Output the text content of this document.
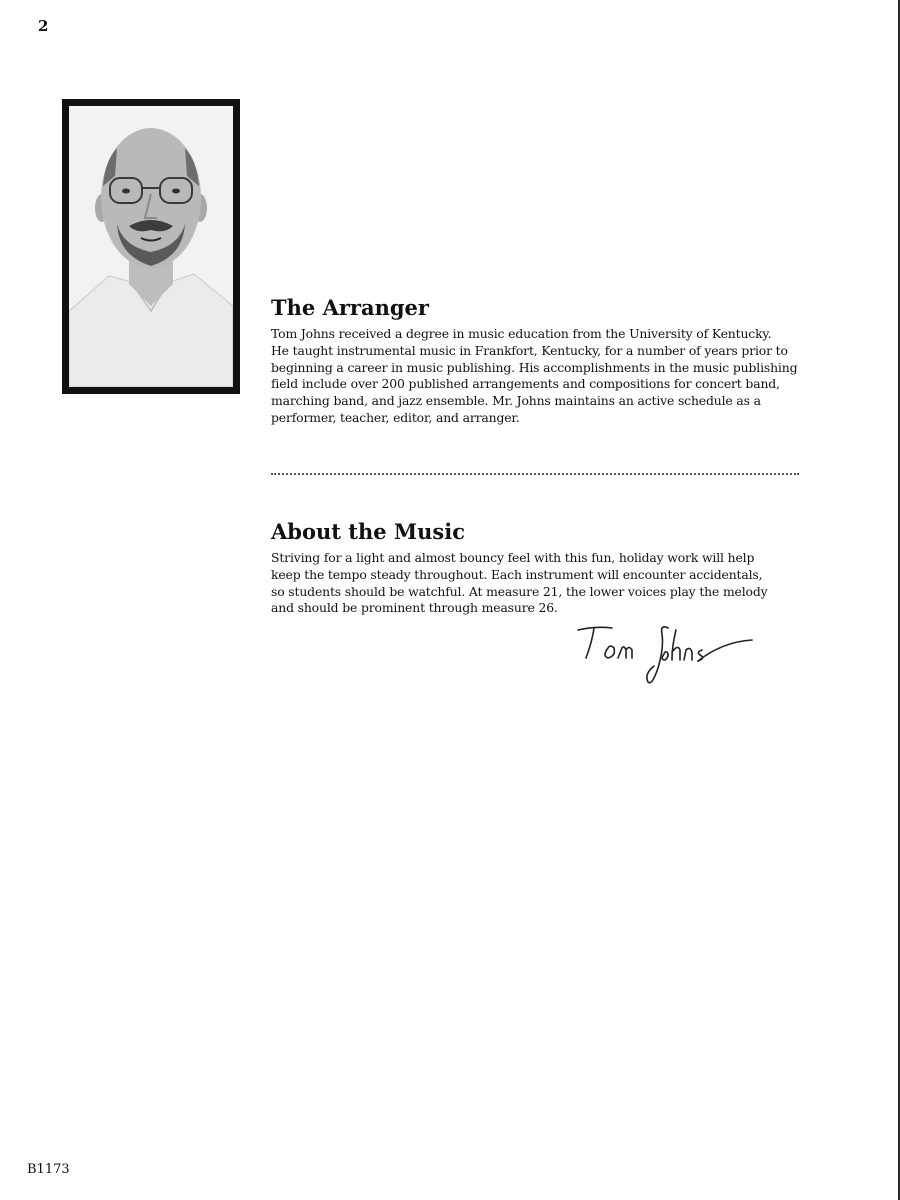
2
The Arranger

Tom Johns received a degree in music education from the University of Kentucky.
He taught instrumental music in Frankfort, Kentucky, for a number of years prior to
beginning a career in music publishing. His accomplishments in the music publishing
field include over 200 published arrangements and compositions for concert band,
marching band, and jazz ensemble. Mr. Johns maintains an active schedule as a
performer, teacher, editor, and arranger.

About the Music

Striving for a light and almost bouncy feel with this fun, holiday work will help
keep the tempo steady throughout. Each instrument will encounter accidentals,
so students should be watchful. At measure 21, the lower voices play the melody
and should be prominent through measure 26.

B1173
